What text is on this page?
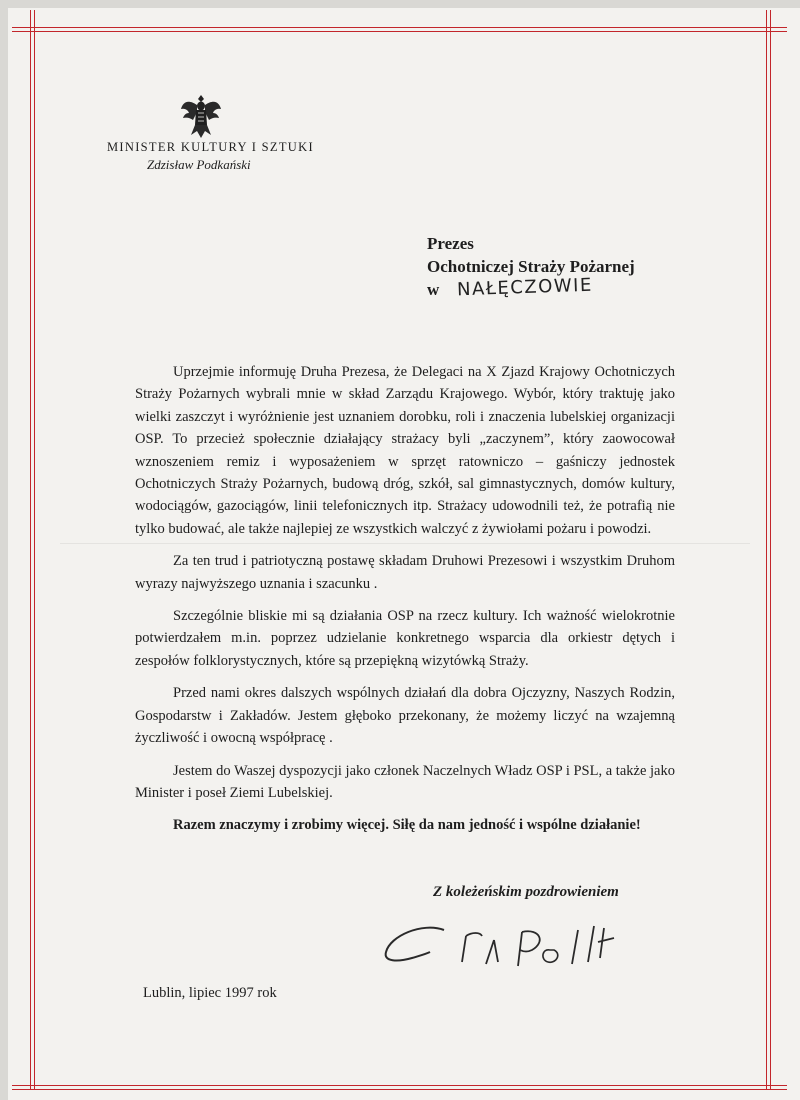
MINISTER KULTURY I SZTUKI
Zdzisław Podkański
Prezes
Ochotniczej Straży Pożarnej
w NAŁĘCZOWIE

Uprzejmie informuję Druha Prezesa, że Delegaci na X Zjazd Krajowy Ochotniczych Straży Pożarnych wybrali mnie w skład Zarządu Krajowego. Wybór, który traktuję jako wielki zaszczyt i wyróżnienie jest uznaniem dorobku, roli i znaczenia lubelskiej organizacji OSP. To przecież społecznie działający strażacy byli „zaczynem”, który zaowocował wznoszeniem remiz i wyposażeniem w sprzęt ratowniczo – gaśniczy jednostek Ochotniczych Straży Pożarnych, budową dróg, szkół, sal gimnastycznych, domów kultury, wodociągów, gazociągów, linii telefonicznych itp. Strażacy udowodnili też, że potrafią nie tylko budować, ale także najlepiej ze wszystkich walczyć z żywiołami pożaru i powodzi.

Za ten trud i patriotyczną postawę składam Druhowi Prezesowi i wszystkim Druhom wyrazy najwyższego uznania i szacunku .

Szczególnie bliskie mi są działania OSP na rzecz kultury. Ich ważność wielokrotnie potwierdzałem m.in. poprzez udzielanie konkretnego wsparcia dla orkiestr dętych i zespołów folklorystycznych, które są przepiękną wizytówką Straży.

Przed nami okres dalszych wspólnych działań dla dobra Ojczyzny, Naszych Rodzin, Gospodarstw i Zakładów. Jestem głęboko przekonany, że możemy liczyć na wzajemną życzliwość i owocną współpracę .

Jestem do Waszej dyspozycji jako członek Naczelnych Władz OSP i PSL, a także jako Minister i poseł Ziemi Lubelskiej.

Razem znaczymy i zrobimy więcej. Siłę da nam jedność i wspólne działanie!

Z koleżeńskim pozdrowieniem
Lublin, lipiec 1997 rok
